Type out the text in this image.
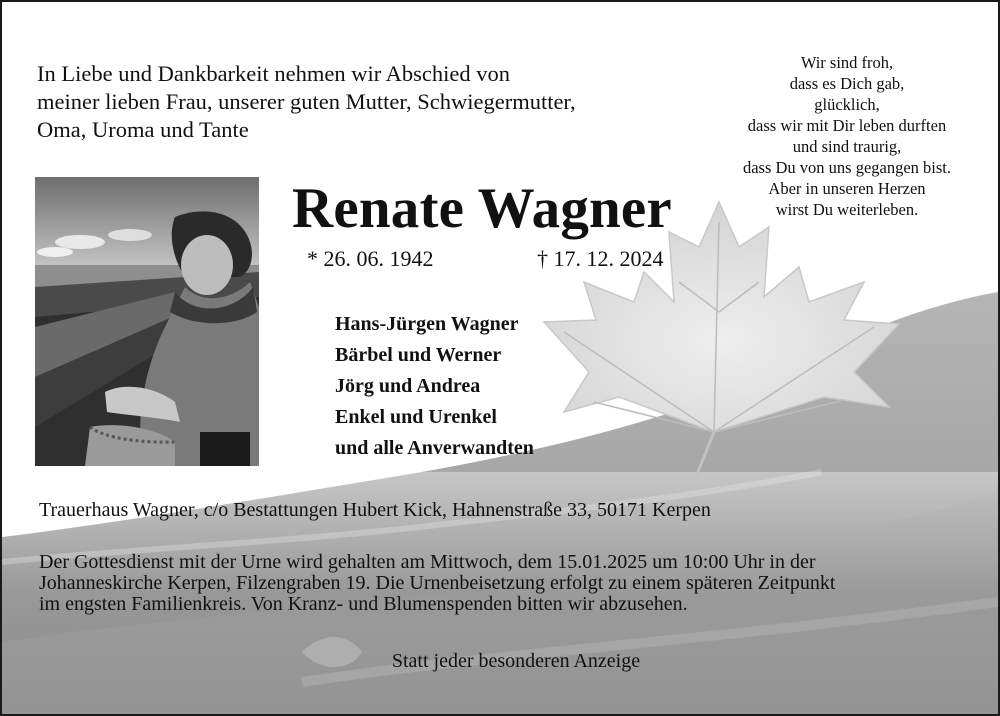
In Liebe und Dankbarkeit nehmen wir Abschied von
meiner lieben Frau, unserer guten Mutter, Schwiegermutter,
Oma, Uroma und Tante
Wir sind froh,
dass es Dich gab,
glücklich,
dass wir mit Dir leben durften
und sind traurig,
dass Du von uns gegangen bist.
Aber in unseren Herzen
wirst Du weiterleben.
Renate Wagner
* 26. 06. 1942	† 17. 12. 2024
Hans-Jürgen Wagner
Bärbel und Werner
Jörg und Andrea
Enkel und Urenkel
und alle Anverwandten
Trauerhaus Wagner, c/o Bestattungen Hubert Kick, Hahnenstraße 33, 50171 Kerpen
Der Gottesdienst mit der Urne wird gehalten am Mittwoch, dem 15.01.2025 um 10:00 Uhr in der
Johanneskirche Kerpen, Filzengraben 19. Die Urnenbeisetzung erfolgt zu einem späteren Zeitpunkt
im engsten Familienkreis. Von Kranz- und Blumenspenden bitten wir abzusehen.
Statt jeder besonderen Anzeige
